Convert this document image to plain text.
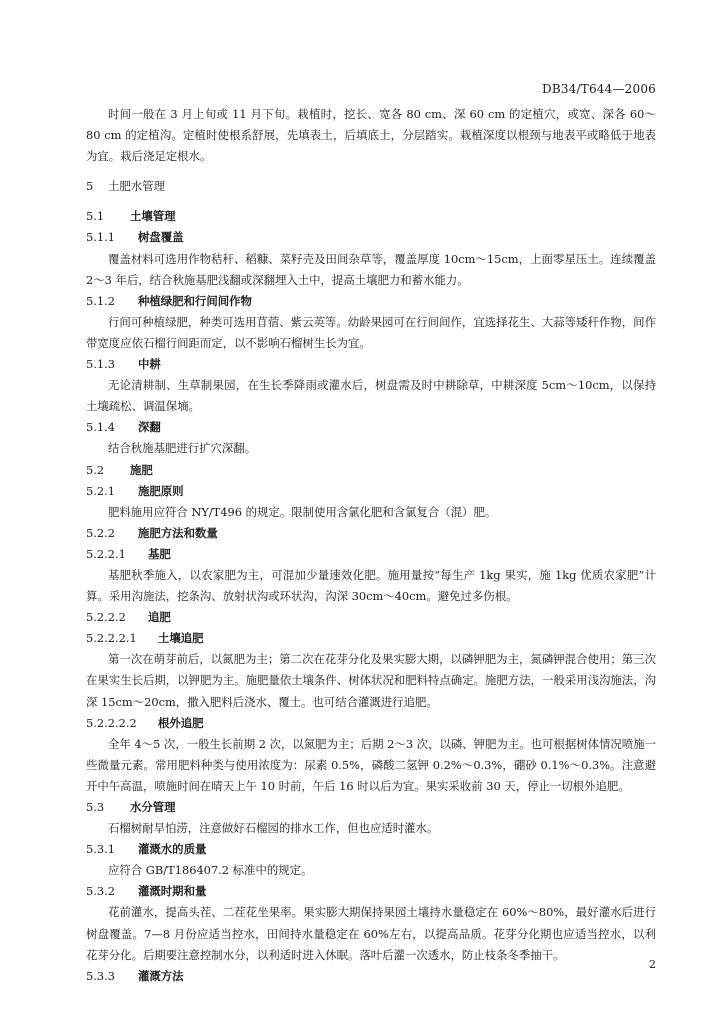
DB34/T644—2006

时间一般在 3 月上旬或 11 月下旬。栽植时，挖长、宽各 80 cm、深 60 cm 的定植穴，或宽、深各 60～80 cm 的定植沟。定植时使根系舒展，先填表土，后填底土，分层踏实。栽植深度以根颈与地表平或略低于地表为宜。栽后浇足定根水。

5 土肥水管理
5.1 土壤管理
5.1.1 树盘覆盖

覆盖材料可选用作物秸秆、稻糠、菜籽壳及田间杂草等，覆盖厚度 10cm～15cm，上面零星压土。连续覆盖 2～3 年后，结合秋施基肥浅翻或深翻埋入土中，提高土壤肥力和蓄水能力。

5.1.2 种植绿肥和行间间作物

行间可种植绿肥，种类可选用苜蓿、紫云英等。幼龄果园可在行间间作，宜选择花生、大蒜等矮秆作物，间作带宽度应依石榴行间距而定，以不影响石榴树生长为宜。

5.1.3 中耕

无论清耕制、生草制果园，在生长季降雨或灌水后，树盘需及时中耕除草，中耕深度 5cm～10cm，以保持土壤疏松、调温保墒。

5.1.4 深翻

结合秋施基肥进行扩穴深翻。

5.2 施肥
5.2.1 施肥原则

肥料施用应符合 NY/T496 的规定。限制使用含氯化肥和含氯复合（混）肥。

5.2.2 施肥方法和数量
5.2.2.1 基肥

基肥秋季施入，以农家肥为主，可混加少量速效化肥。施用量按“每生产 1kg 果实，施 1kg 优质农家肥”计算。采用沟施法，挖条沟、放射状沟或环状沟，沟深 30cm～40cm。避免过多伤根。

5.2.2.2 追肥
5.2.2.2.1 土壤追肥

第一次在萌芽前后，以氮肥为主；第二次在花芽分化及果实膨大期，以磷钾肥为主，氮磷钾混合使用；第三次在果实生长后期，以钾肥为主。施肥量依土壤条件、树体状况和肥料特点确定。施肥方法，一般采用浅沟施法，沟深 15cm～20cm，撒入肥料后浇水、覆土。也可结合灌溉进行追肥。

5.2.2.2.2 根外追肥

全年 4～5 次，一般生长前期 2 次，以氮肥为主；后期 2～3 次，以磷、钾肥为主。也可根据树体情况喷施一些微量元素。常用肥料种类与使用浓度为：尿素 0.5%，磷酸二氢钾 0.2%～0.3%，硼砂 0.1%～0.3%。注意避开中午高温，喷施时间在晴天上午 10 时前，午后 16 时以后为宜。果实采收前 30 天，停止一切根外追肥。

5.3 水分管理

石榴树耐旱怕涝，注意做好石榴园的排水工作，但也应适时灌水。

5.3.1 灌溉水的质量

应符合 GB/T186407.2 标准中的规定。

5.3.2 灌溉时期和量

花前灌水，提高头茬、二茬花坐果率。果实膨大期保持果园土壤持水量稳定在 60%～80%，最好灌水后进行树盘覆盖。7—8 月份应适当控水，田间持水量稳定在 60%左右，以提高品质。花芽分化期也应适当控水，以利花芽分化。后期要注意控制水分，以利适时进入休眠。落叶后灌一次透水，防止枝条冬季抽干。

5.3.3 灌溉方法
2
